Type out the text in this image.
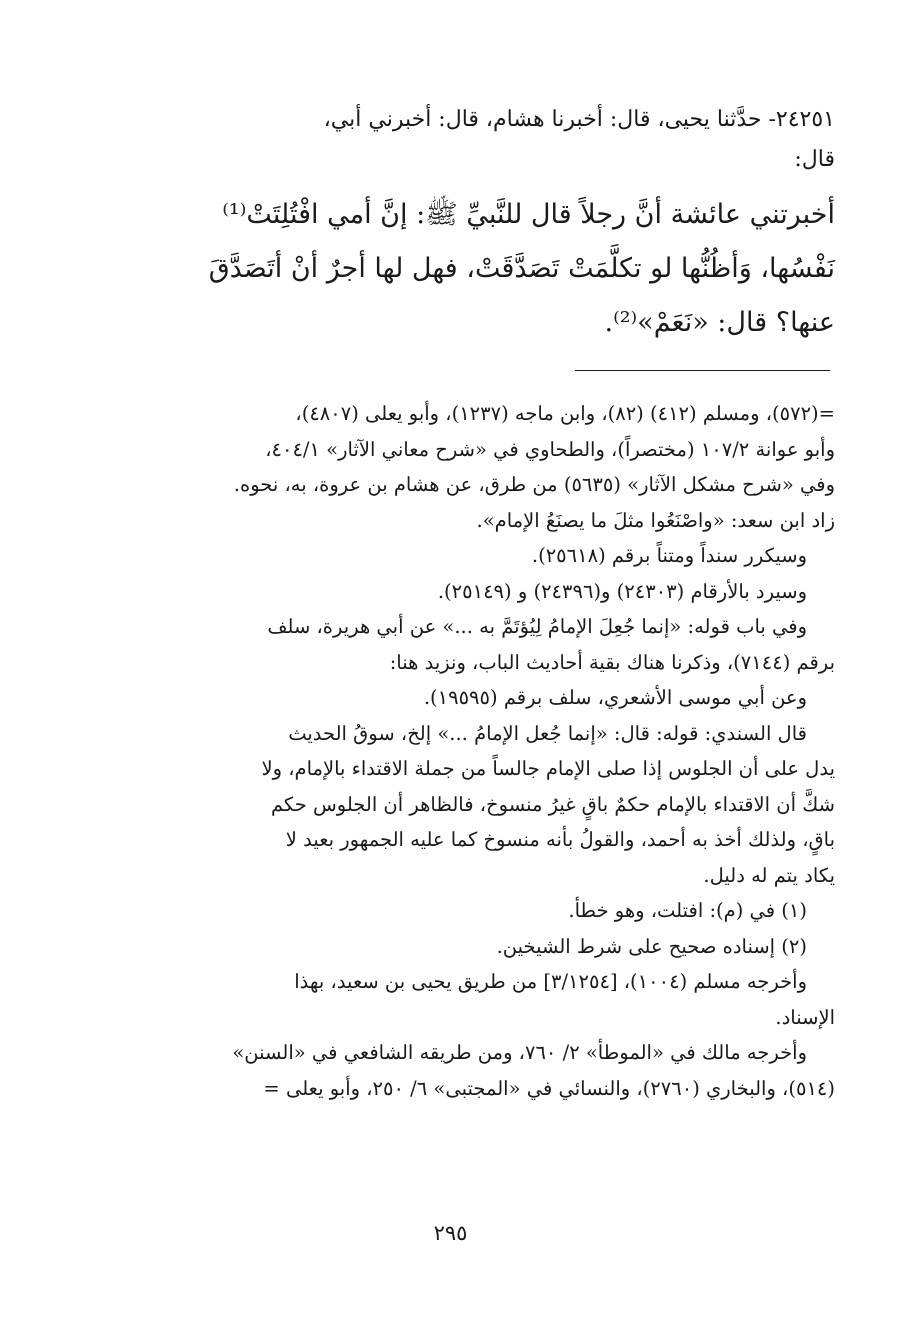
٢٤٢٥١- حدَّثنا يحيى، قال: أخبرنا هشام، قال: أخبرني أبي،
قال:
أخبرتني عائشة أنَّ رجلاً قال للنَّبيِّ ﷺ: إنَّ أمي افْتُلِتَتْ⁽¹⁾
نَفْسُها، وَأظُنُّها لو تكلَّمَتْ تَصَدَّقَتْ، فهل لها أجرٌ أنْ أتَصَدَّقَ
عنها؟ قال: «نَعَمْ»⁽²⁾.
=(٥٧٢)، ومسلم (٤١٢) (٨٢)، وابن ماجه (١٢٣٧)، وأبو يعلى (٤٨٠٧)،
وأبو عوانة ١٠٧/٢ (مختصراً)، والطحاوي في «شرح معاني الآثار» ٤٠٤/١،
وفي «شرح مشكل الآثار» (٥٦٣٥) من طرق، عن هشام بن عروة، به، نحوه.
زاد ابن سعد: «واصْنَعُوا مثلَ ما يصنَعُ الإمام».
وسيكرر سنداً ومتناً برقم (٢٥٦١٨).
وسيرد بالأرقام (٢٤٣٠٣) و(٢٤٣٩٦) و (٢٥١٤٩).
وفي باب قوله: «إنما جُعِلَ الإمامُ لِيُؤتَمَّ به ...» عن أبي هريرة، سلف
برقم (٧١٤٤)، وذكرنا هناك بقية أحاديث الباب، ونزيد هنا:
وعن أبي موسى الأشعري، سلف برقم (١٩٥٩٥).
قال السندي: قوله: قال: «إنما جُعل الإمامُ ...» إلخ، سوقُ الحديث
يدل على أن الجلوس إذا صلى الإمام جالساً من جملة الاقتداء بالإمام، ولا
شكَّ أن الاقتداء بالإمام حكمٌ باقٍ غيرُ منسوخ، فالظاهر أن الجلوس حكم
باقٍ، ولذلك أخذ به أحمد، والقولُ بأنه منسوخ كما عليه الجمهور بعيد لا
يكاد يتم له دليل.
(١) في (م): افتلت، وهو خطأ.
(٢) إسناده صحيح على شرط الشيخين.
وأخرجه مسلم (١٠٠٤)، [٣/١٢٥٤] من طريق يحيى بن سعيد، بهذا
الإسناد.
وأخرجه مالك في «الموطأ» ٢/ ٧٦٠، ومن طريقه الشافعي في «السنن»
(٥١٤)، والبخاري (٢٧٦٠)، والنسائي في «المجتبى» ٦/ ٢٥٠، وأبو يعلى =
٢٩٥
